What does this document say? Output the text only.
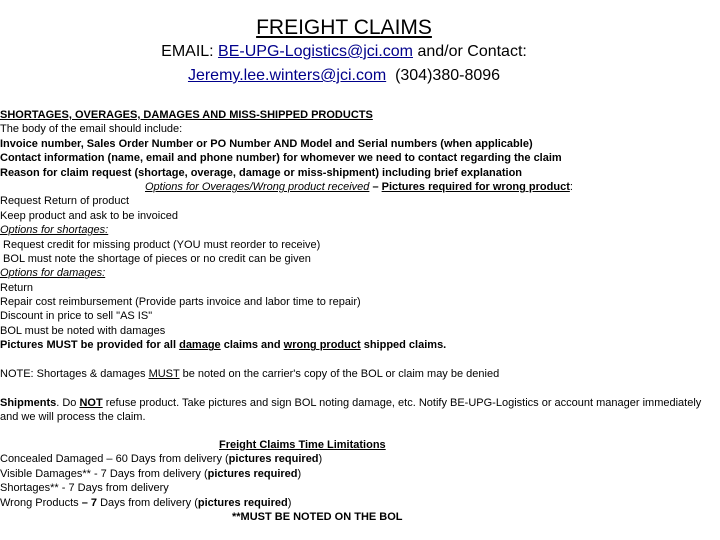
FREIGHT CLAIMS
EMAIL: BE-UPG-Logistics@jci.com and/or Contact:
Jeremy.lee.winters@jci.com (304)380-8096
SHORTAGES, OVERAGES, DAMAGES AND MISS-SHIPPED PRODUCTS
The body of the email should include:
Invoice number, Sales Order Number or PO Number AND Model and Serial numbers (when applicable)
Contact information (name, email and phone number) for whomever we need to contact regarding the claim
Reason for claim request (shortage, overage, damage or miss-shipment) including brief explanation
Options for Overages/Wrong product received – Pictures required for wrong product:
Request Return of product
Keep product and ask to be invoiced
Options for shortages:
Request credit for missing product (YOU must reorder to receive)
BOL must note the shortage of pieces or no credit can be given
Options for damages:
Return
Repair cost reimbursement (Provide parts invoice and labor time to repair)
Discount in price to sell "AS IS"
BOL must be noted with damages
Pictures MUST be provided for all damage claims and wrong product shipped claims.
NOTE: Shortages & damages MUST be noted on the carrier's copy of the BOL or claim may be denied
Shipments. Do NOT refuse product. Take pictures and sign BOL noting damage, etc. Notify BE-UPG-Logistics or account manager immediately and we will process the claim.
Freight Claims Time Limitations
Concealed Damaged – 60 Days from delivery (pictures required)
Visible Damages** - 7 Days from delivery (pictures required)
Shortages** - 7 Days from delivery
Wrong Products – 7 Days from delivery (pictures required)
**MUST BE NOTED ON THE BOL
